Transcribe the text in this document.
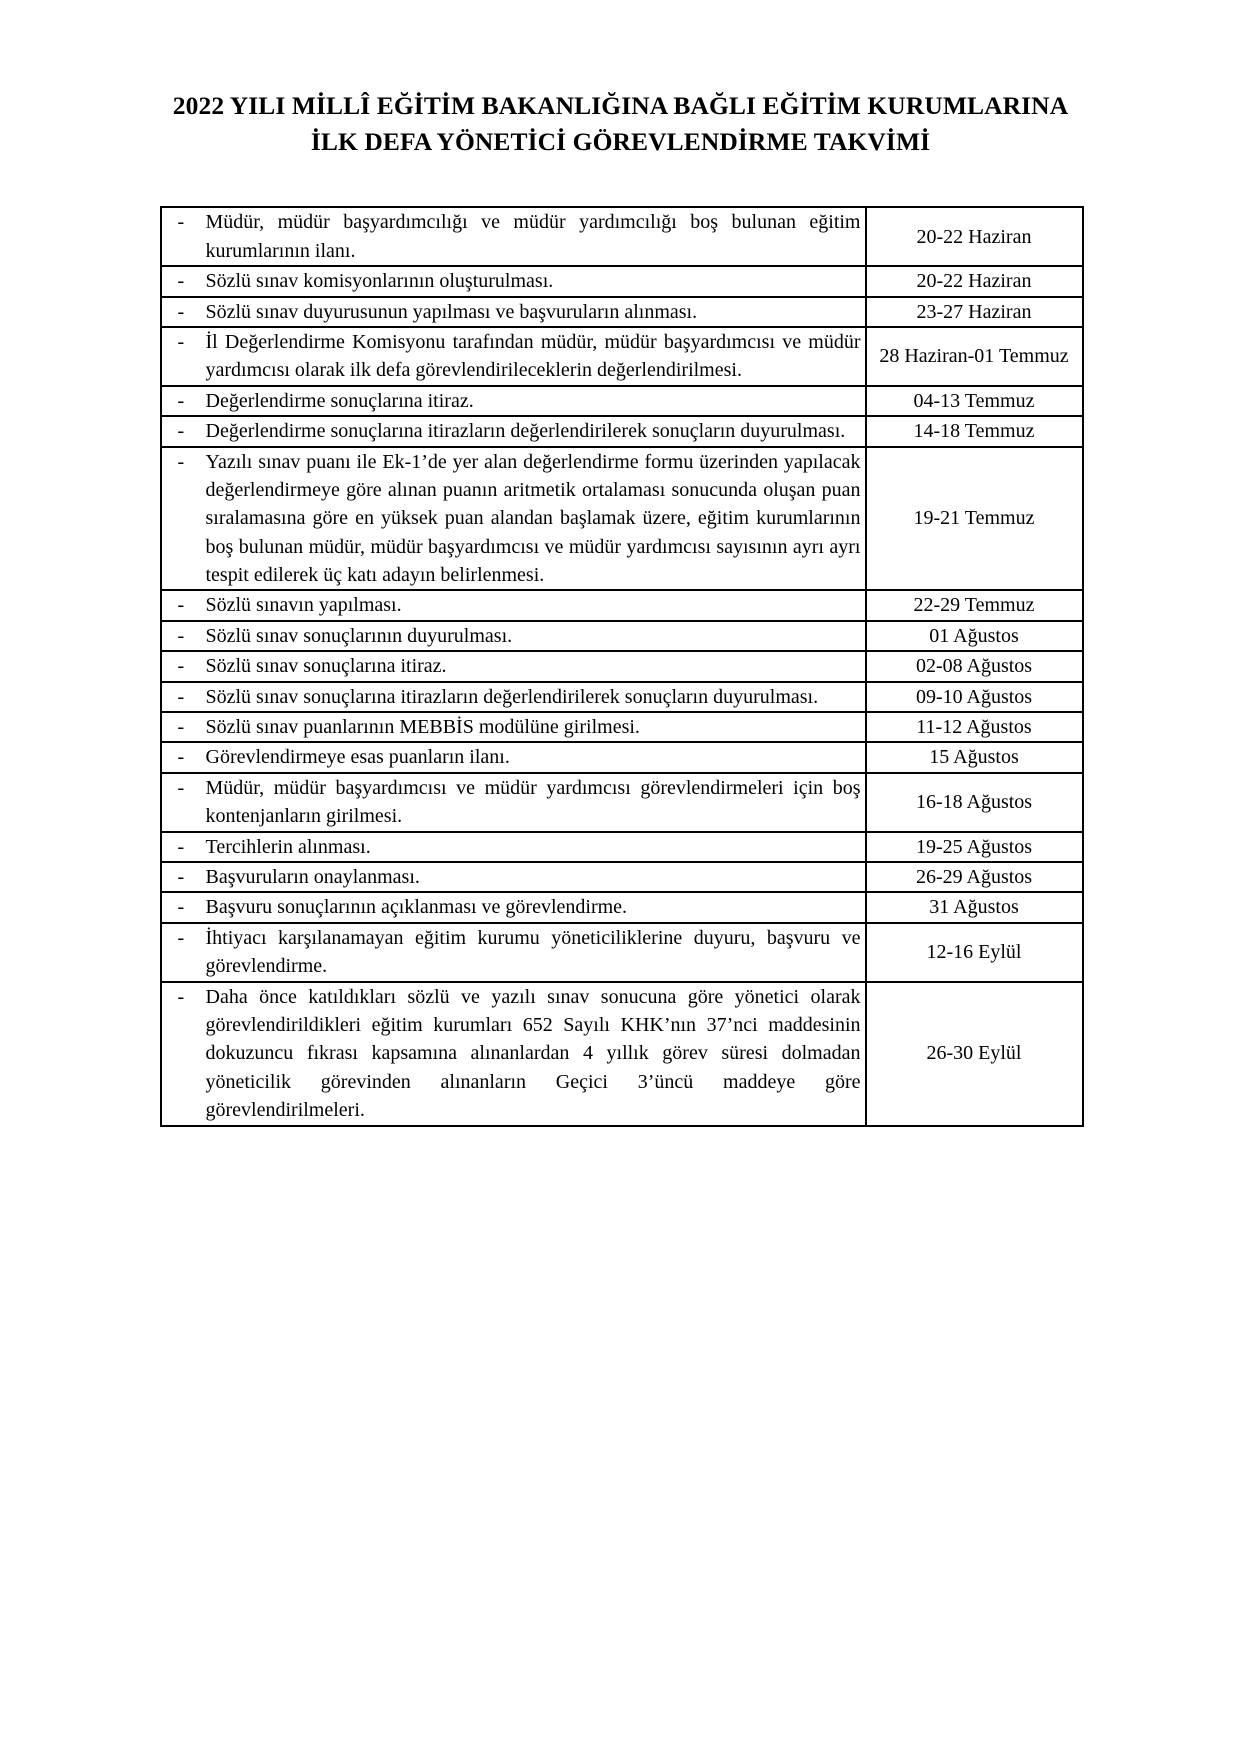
2022 YILI MİLLÎ EĞİTİM BAKANLIĞINA BAĞLI EĞİTİM KURUMLARINA
İLK DEFA YÖNETİCİ GÖREVLENDİRME TAKVİMİ
- Müdür, müdür başyardımcılığı ve müdür yardımcılığı boş bulunan eğitim kurumlarının ilanı.	20-22 Haziran

- Sözlü sınav komisyonlarının oluşturulması.	20-22 Haziran

- Sözlü sınav duyurusunun yapılması ve başvuruların alınması.	23-27 Haziran

- İl Değerlendirme Komisyonu tarafından müdür, müdür başyardımcısı ve müdür yardımcısı olarak ilk defa görevlendirileceklerin değerlendirilmesi.	28 Haziran-01 Temmuz

- Değerlendirme sonuçlarına itiraz.	04-13 Temmuz

- Değerlendirme sonuçlarına itirazların değerlendirilerek sonuçların duyurulması.	14-18 Temmuz

- Yazılı sınav puanı ile Ek-1’de yer alan değerlendirme formu üzerinden yapılacak değerlendirmeye göre alınan puanın aritmetik ortalaması sonucunda oluşan puan sıralamasına göre en yüksek puan alandan başlamak üzere, eğitim kurumlarının boş bulunan müdür, müdür başyardımcısı ve müdür yardımcısı sayısının ayrı ayrı tespit edilerek üç katı adayın belirlenmesi.	19-21 Temmuz

- Sözlü sınavın yapılması.	22-29 Temmuz

- Sözlü sınav sonuçlarının duyurulması.	01 Ağustos

- Sözlü sınav sonuçlarına itiraz.	02-08 Ağustos

- Sözlü sınav sonuçlarına itirazların değerlendirilerek sonuçların duyurulması.	09-10 Ağustos

- Sözlü sınav puanlarının MEBBİS modülüne girilmesi.	11-12 Ağustos

- Görevlendirmeye esas puanların ilanı.	15 Ağustos

- Müdür, müdür başyardımcısı ve müdür yardımcısı görevlendirmeleri için boş kontenjanların girilmesi.	16-18 Ağustos

- Tercihlerin alınması.	19-25 Ağustos

- Başvuruların onaylanması.	26-29 Ağustos

- Başvuru sonuçlarının açıklanması ve görevlendirme.	31 Ağustos

- İhtiyacı karşılanamayan eğitim kurumu yöneticiliklerine duyuru, başvuru ve görevlendirme.	12-16 Eylül

- Daha önce katıldıkları sözlü ve yazılı sınav sonucuna göre yönetici olarak görevlendirildikleri eğitim kurumları 652 Sayılı KHK’nın 37’nci maddesinin dokuzuncu fıkrası kapsamına alınanlardan 4 yıllık görev süresi dolmadan yöneticilik görevinden alınanların Geçici 3’üncü maddeye göre görevlendirilmeleri.	26-30 Eylül
